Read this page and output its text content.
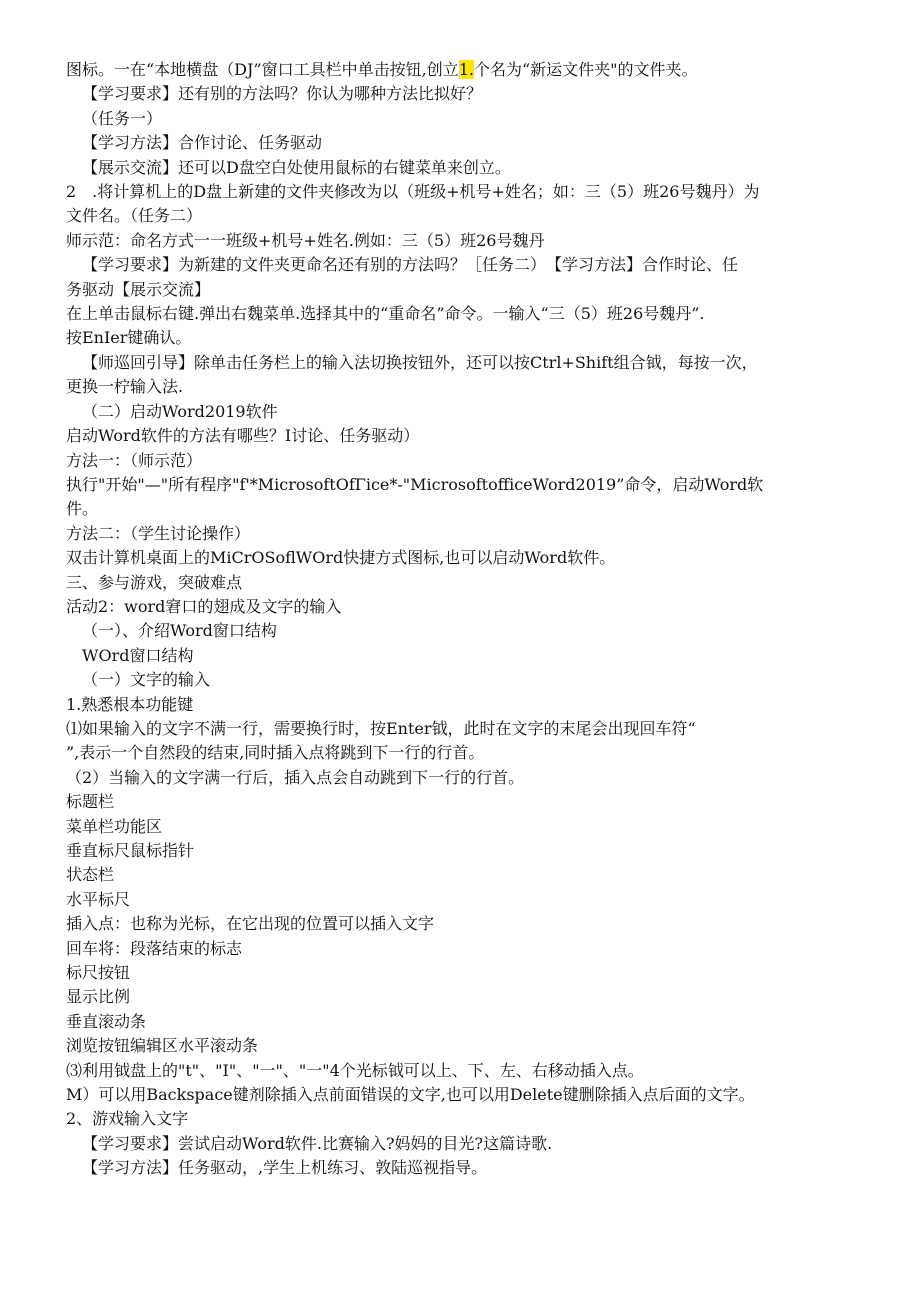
图标。一在“本地横盘（DJ”窗口工具栏中单击按钮,创立1.个名为“新运文件夹"的文件夹。
【学习要求】还有别的方法吗？你认为哪种方法比拟好？
（任务一）
【学习方法】合作讨论、任务驱动
【展示交流】还可以D盘空白处使用鼠标的右键菜单来创立。
2　.将计算机上的D盘上新建的文件夹修改为以（班级+机号+姓名；如：三（5）班26号魏丹）为
文件名。（任务二）
师示范：命名方式一一班级+机号+姓名.例如：三（5）班26号魏丹
【学习要求】为新建的文件夹更命名还有别的方法吗？［任务二）　【学习方法】合作时论、任
务驱动【展示交流】
在上单击鼠标右键.弹出右魏菜单.选择其中的“重命名”命令。一输入“三（5）班26号魏丹”.
按EnIer键确认。
【师巡回引导】除单击任务栏上的输入法切换按钮外，还可以按Ctrl+Shift组合钺，每按一次，
更换一柠输入法.
（二）启动Word2019软件
启动Word软件的方法有哪些？I讨论、任务驱动）
方法一：（师示范）
执行"开始"—"所有程序"f'*MicrosoftOfΓice*-"MicrosoftofficeWord2019”命令，启动Word软
件。
方法二：（学生讨论操作）
双击计算机桌面上的MiCrOSoflWOrd快捷方式图标,也可以启动Word软件。
三、参与游戏，突破难点
活动2：word窘口的翅成及文字的输入
（一）、介绍Word窗口结构
WOrd窗口结构
（一）文字的输入
1.熟悉根本功能键
⑴如果输入的文字不满一行，需要换行时，按Enter钺，此时在文字的末尾会出现回车符“
”,表示一个自然段的结束,同时插入点将跳到下一行的行首。
（2）当输入的文字满一行后，插入点会自动跳到下一行的行首。
标题栏
菜单栏功能区
垂直标尺鼠标指针
状态栏
水平标尺
插入点：也称为光标，在它出现的位置可以插入文字
回车将：段落结束的标志
标尺按钮
显示比例
垂直滚动条
浏览按钮编辑区水平滚动条
⑶利用钺盘上的"t"、"I"、"一"、"一"4个光标钺可以上、下、左、右移动插入点。
M）可以用Backspace键剂除插入点前面错误的文字,也可以用Delete键删除插入点后面的文字。
2、游戏输入文字
【学习要求】尝试启动Word软件.比赛输入?妈妈的目光?这篇诗歌.
【学习方法】任务驱动，,学生上机练习、敦陆巡视指导。
